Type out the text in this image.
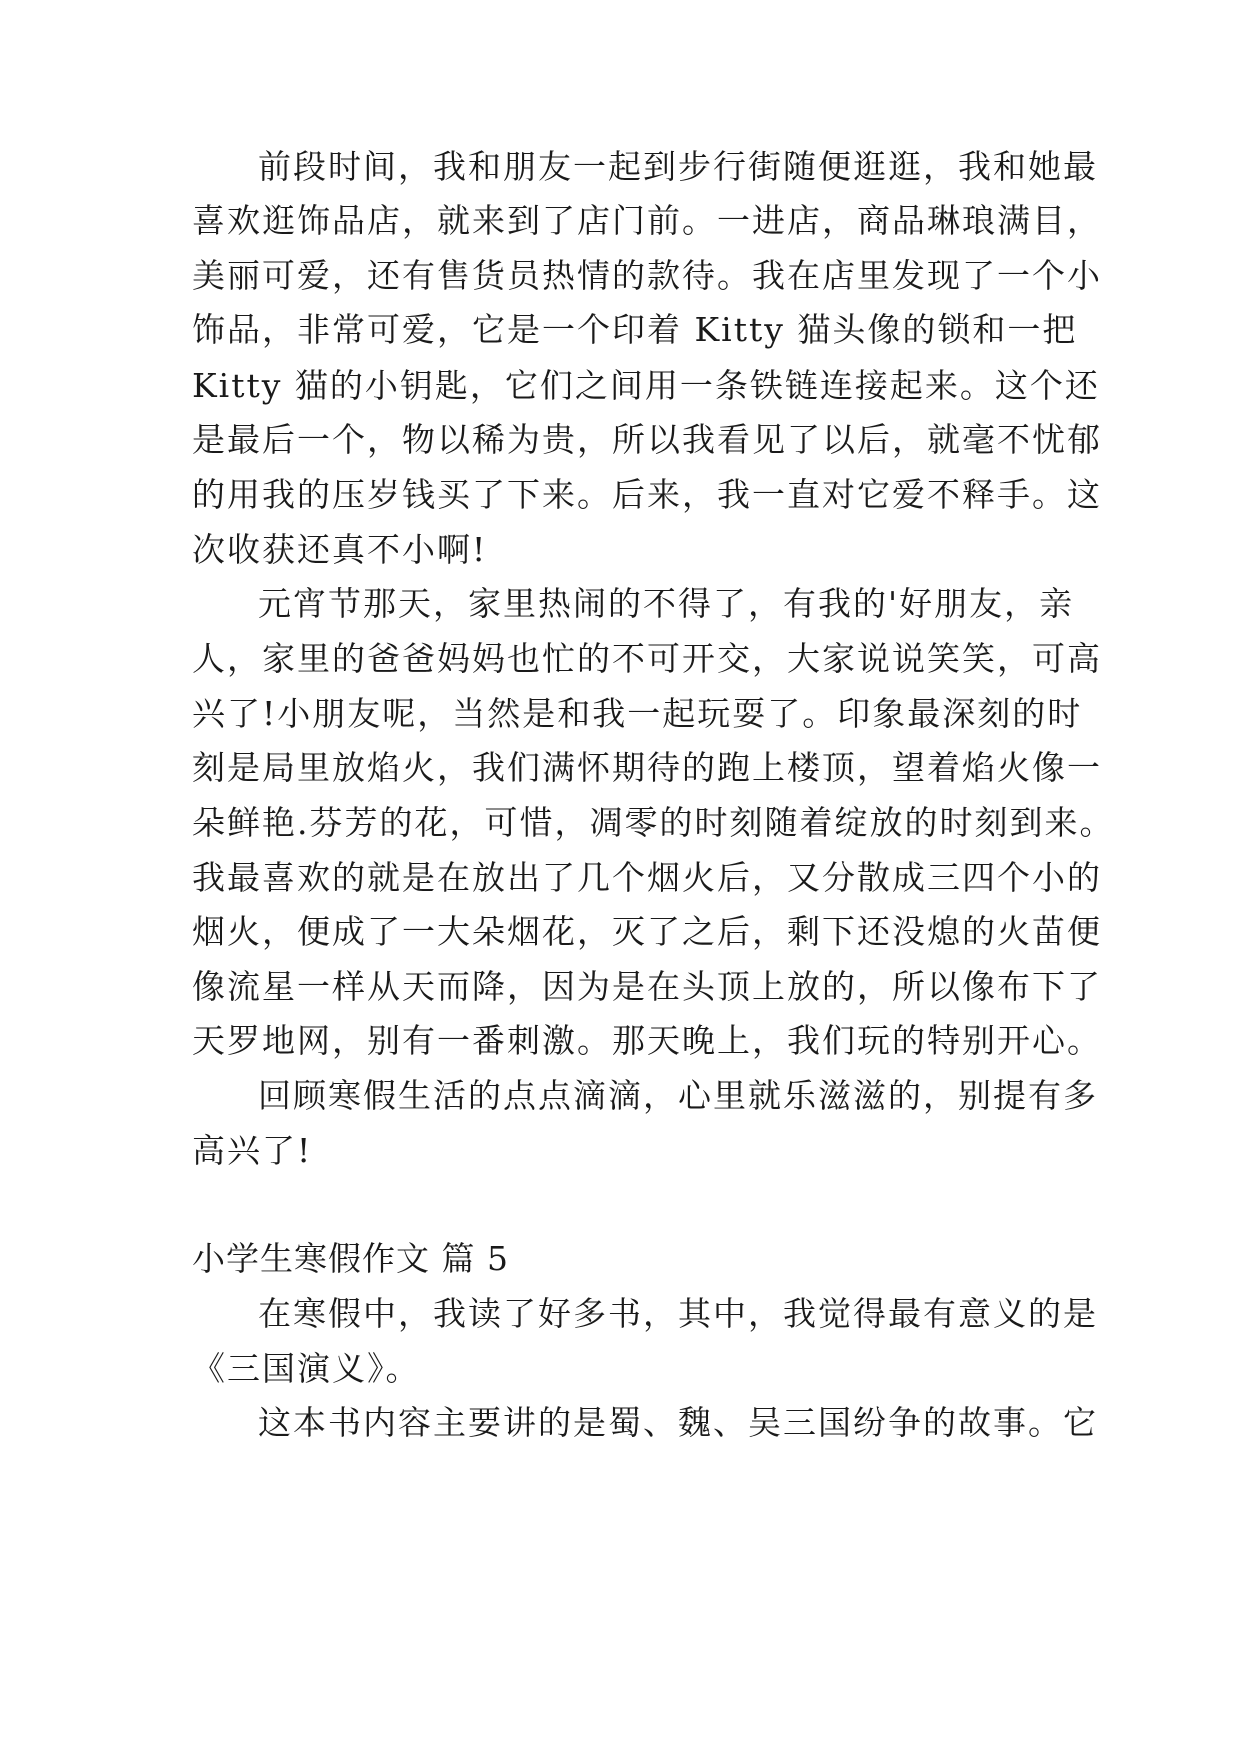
前段时间，我和朋友一起到步行街随便逛逛，我和她最
喜欢逛饰品店，就来到了店门前。一进店，商品琳琅满目，
美丽可爱，还有售货员热情的款待。我在店里发现了一个小
饰品，非常可爱，它是一个印着 Kitty 猫头像的锁和一把
Kitty 猫的小钥匙，它们之间用一条铁链连接起来。这个还
是最后一个，物以稀为贵，所以我看见了以后，就毫不忧郁
的用我的压岁钱买了下来。后来，我一直对它爱不释手。这
次收获还真不小啊!
元宵节那天，家里热闹的不得了，有我的'好朋友，亲
人，家里的爸爸妈妈也忙的不可开交，大家说说笑笑，可高
兴了!小朋友呢，当然是和我一起玩耍了。印象最深刻的时
刻是局里放焰火，我们满怀期待的跑上楼顶，望着焰火像一
朵鲜艳.芬芳的花，可惜，凋零的时刻随着绽放的时刻到来。
我最喜欢的就是在放出了几个烟火后，又分散成三四个小的
烟火，便成了一大朵烟花，灭了之后，剩下还没熄的火苗便
像流星一样从天而降，因为是在头顶上放的，所以像布下了
天罗地网，别有一番刺激。那天晚上，我们玩的特别开心。
回顾寒假生活的点点滴滴，心里就乐滋滋的，别提有多
高兴了!
小学生寒假作文 篇 5
在寒假中，我读了好多书，其中，我觉得最有意义的是
《三国演义》。
这本书内容主要讲的是蜀、魏、吴三国纷争的故事。它
